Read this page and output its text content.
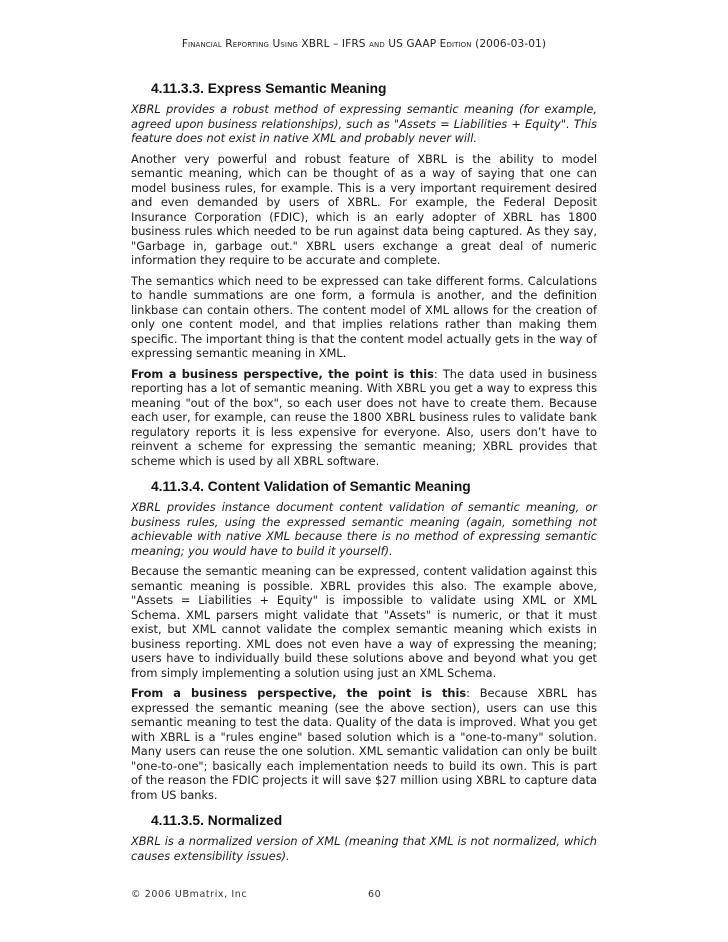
Financial Reporting Using XBRL – IFRS and US GAAP Edition (2006-03-01)
4.11.3.3. Express Semantic Meaning

XBRL provides a robust method of expressing semantic meaning (for example, agreed upon business relationships), such as "Assets = Liabilities + Equity". This feature does not exist in native XML and probably never will.

Another very powerful and robust feature of XBRL is the ability to model semantic meaning, which can be thought of as a way of saying that one can model business rules, for example. This is a very important requirement desired and even demanded by users of XBRL. For example, the Federal Deposit Insurance Corporation (FDIC), which is an early adopter of XBRL has 1800 business rules which needed to be run against data being captured. As they say, "Garbage in, garbage out." XBRL users exchange a great deal of numeric information they require to be accurate and complete.

The semantics which need to be expressed can take different forms. Calculations to handle summations are one form, a formula is another, and the definition linkbase can contain others. The content model of XML allows for the creation of only one content model, and that implies relations rather than making them specific. The important thing is that the content model actually gets in the way of expressing semantic meaning in XML.

From a business perspective, the point is this: The data used in business reporting has a lot of semantic meaning. With XBRL you get a way to express this meaning "out of the box", so each user does not have to create them. Because each user, for example, can reuse the 1800 XBRL business rules to validate bank regulatory reports it is less expensive for everyone. Also, users don’t have to reinvent a scheme for expressing the semantic meaning; XBRL provides that scheme which is used by all XBRL software.

4.11.3.4. Content Validation of Semantic Meaning

XBRL provides instance document content validation of semantic meaning, or business rules, using the expressed semantic meaning (again, something not achievable with native XML because there is no method of expressing semantic meaning; you would have to build it yourself).

Because the semantic meaning can be expressed, content validation against this semantic meaning is possible. XBRL provides this also. The example above, "Assets = Liabilities + Equity" is impossible to validate using XML or XML Schema. XML parsers might validate that "Assets" is numeric, or that it must exist, but XML cannot validate the complex semantic meaning which exists in business reporting. XML does not even have a way of expressing the meaning; users have to individually build these solutions above and beyond what you get from simply implementing a solution using just an XML Schema.

From a business perspective, the point is this: Because XBRL has expressed the semantic meaning (see the above section), users can use this semantic meaning to test the data. Quality of the data is improved. What you get with XBRL is a "rules engine" based solution which is a "one-to-many" solution. Many users can reuse the one solution. XML semantic validation can only be built "one-to-one"; basically each implementation needs to build its own. This is part of the reason the FDIC projects it will save $27 million using XBRL to capture data from US banks.

4.11.3.5. Normalized

XBRL is a normalized version of XML (meaning that XML is not normalized, which causes extensibility issues).

© 2006 UBmatrix, Inc	60
